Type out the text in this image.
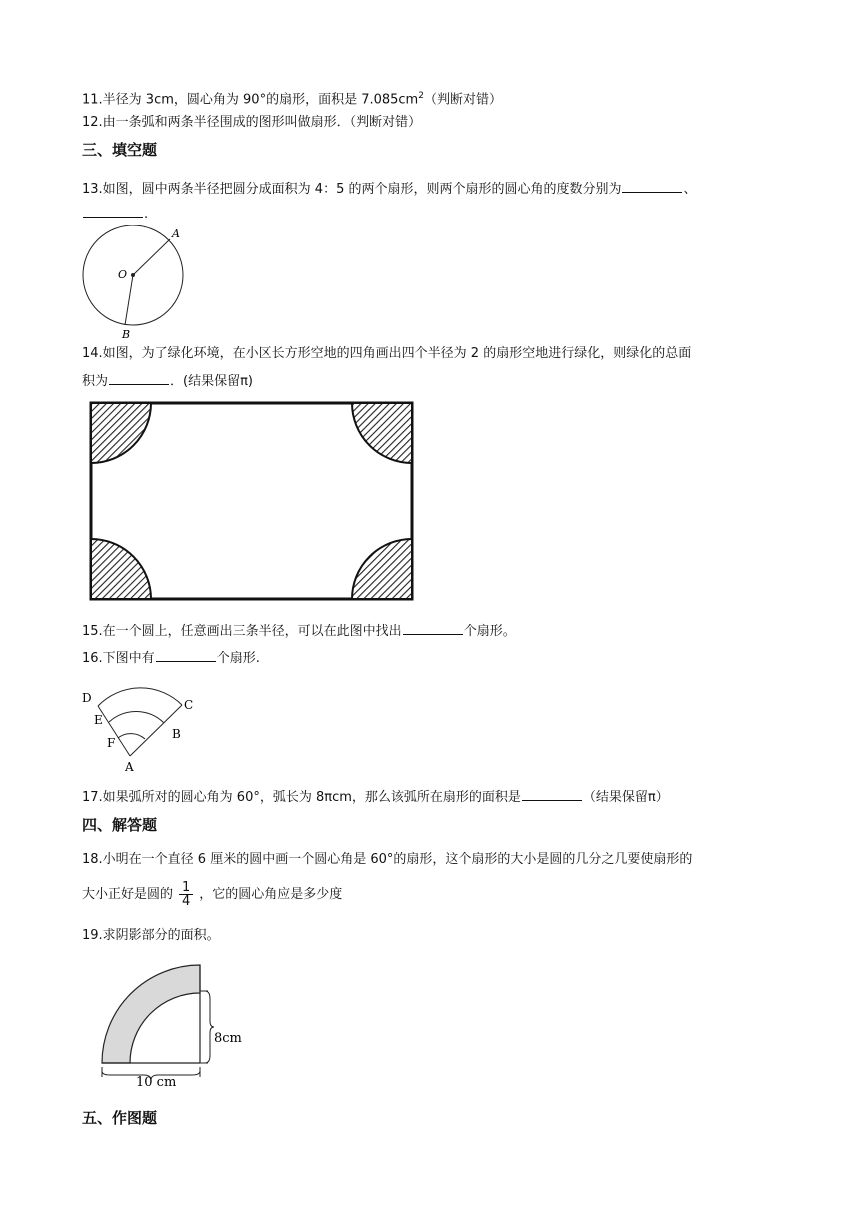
11.半径为 3cm，圆心角为 90°的扇形，面积是 $7.085cm^2$（判断对错）
12.由一条弧和两条半径围成的图形叫做扇形．（判断对错）
三、填空题
13.如图，圆中两条半径把圆分成面积为 4：5 的两个扇形，则两个扇形的圆心角的度数分别为	、
.
O
A
B
14.如图，为了绿化环境，在小区长方形空地的四角画出四个半径为 2 的扇形空地进行绿化，则绿化的总面
积为	．(结果保留π)
15.在一个圆上，任意画出三条半径，可以在此图中找出	个扇形。
16.下图中有	个扇形.
D	C
E
B
F
A
17.如果弧所对的圆心角为 60°，弧长为 8πcm，那么该弧所在扇形的面积是	（结果保留π）
四、解答题
18.小明在一个直径 6 厘米的圆中画一个圆心角是 60°的扇形，这个扇形的大小是圆的几分之几要使扇形的
大小正好是圆的 $\frac{1}{4}$ ，它的圆心角应是多少度
19.求阴影部分的面积。
8cm
10 cm
五、作图题
